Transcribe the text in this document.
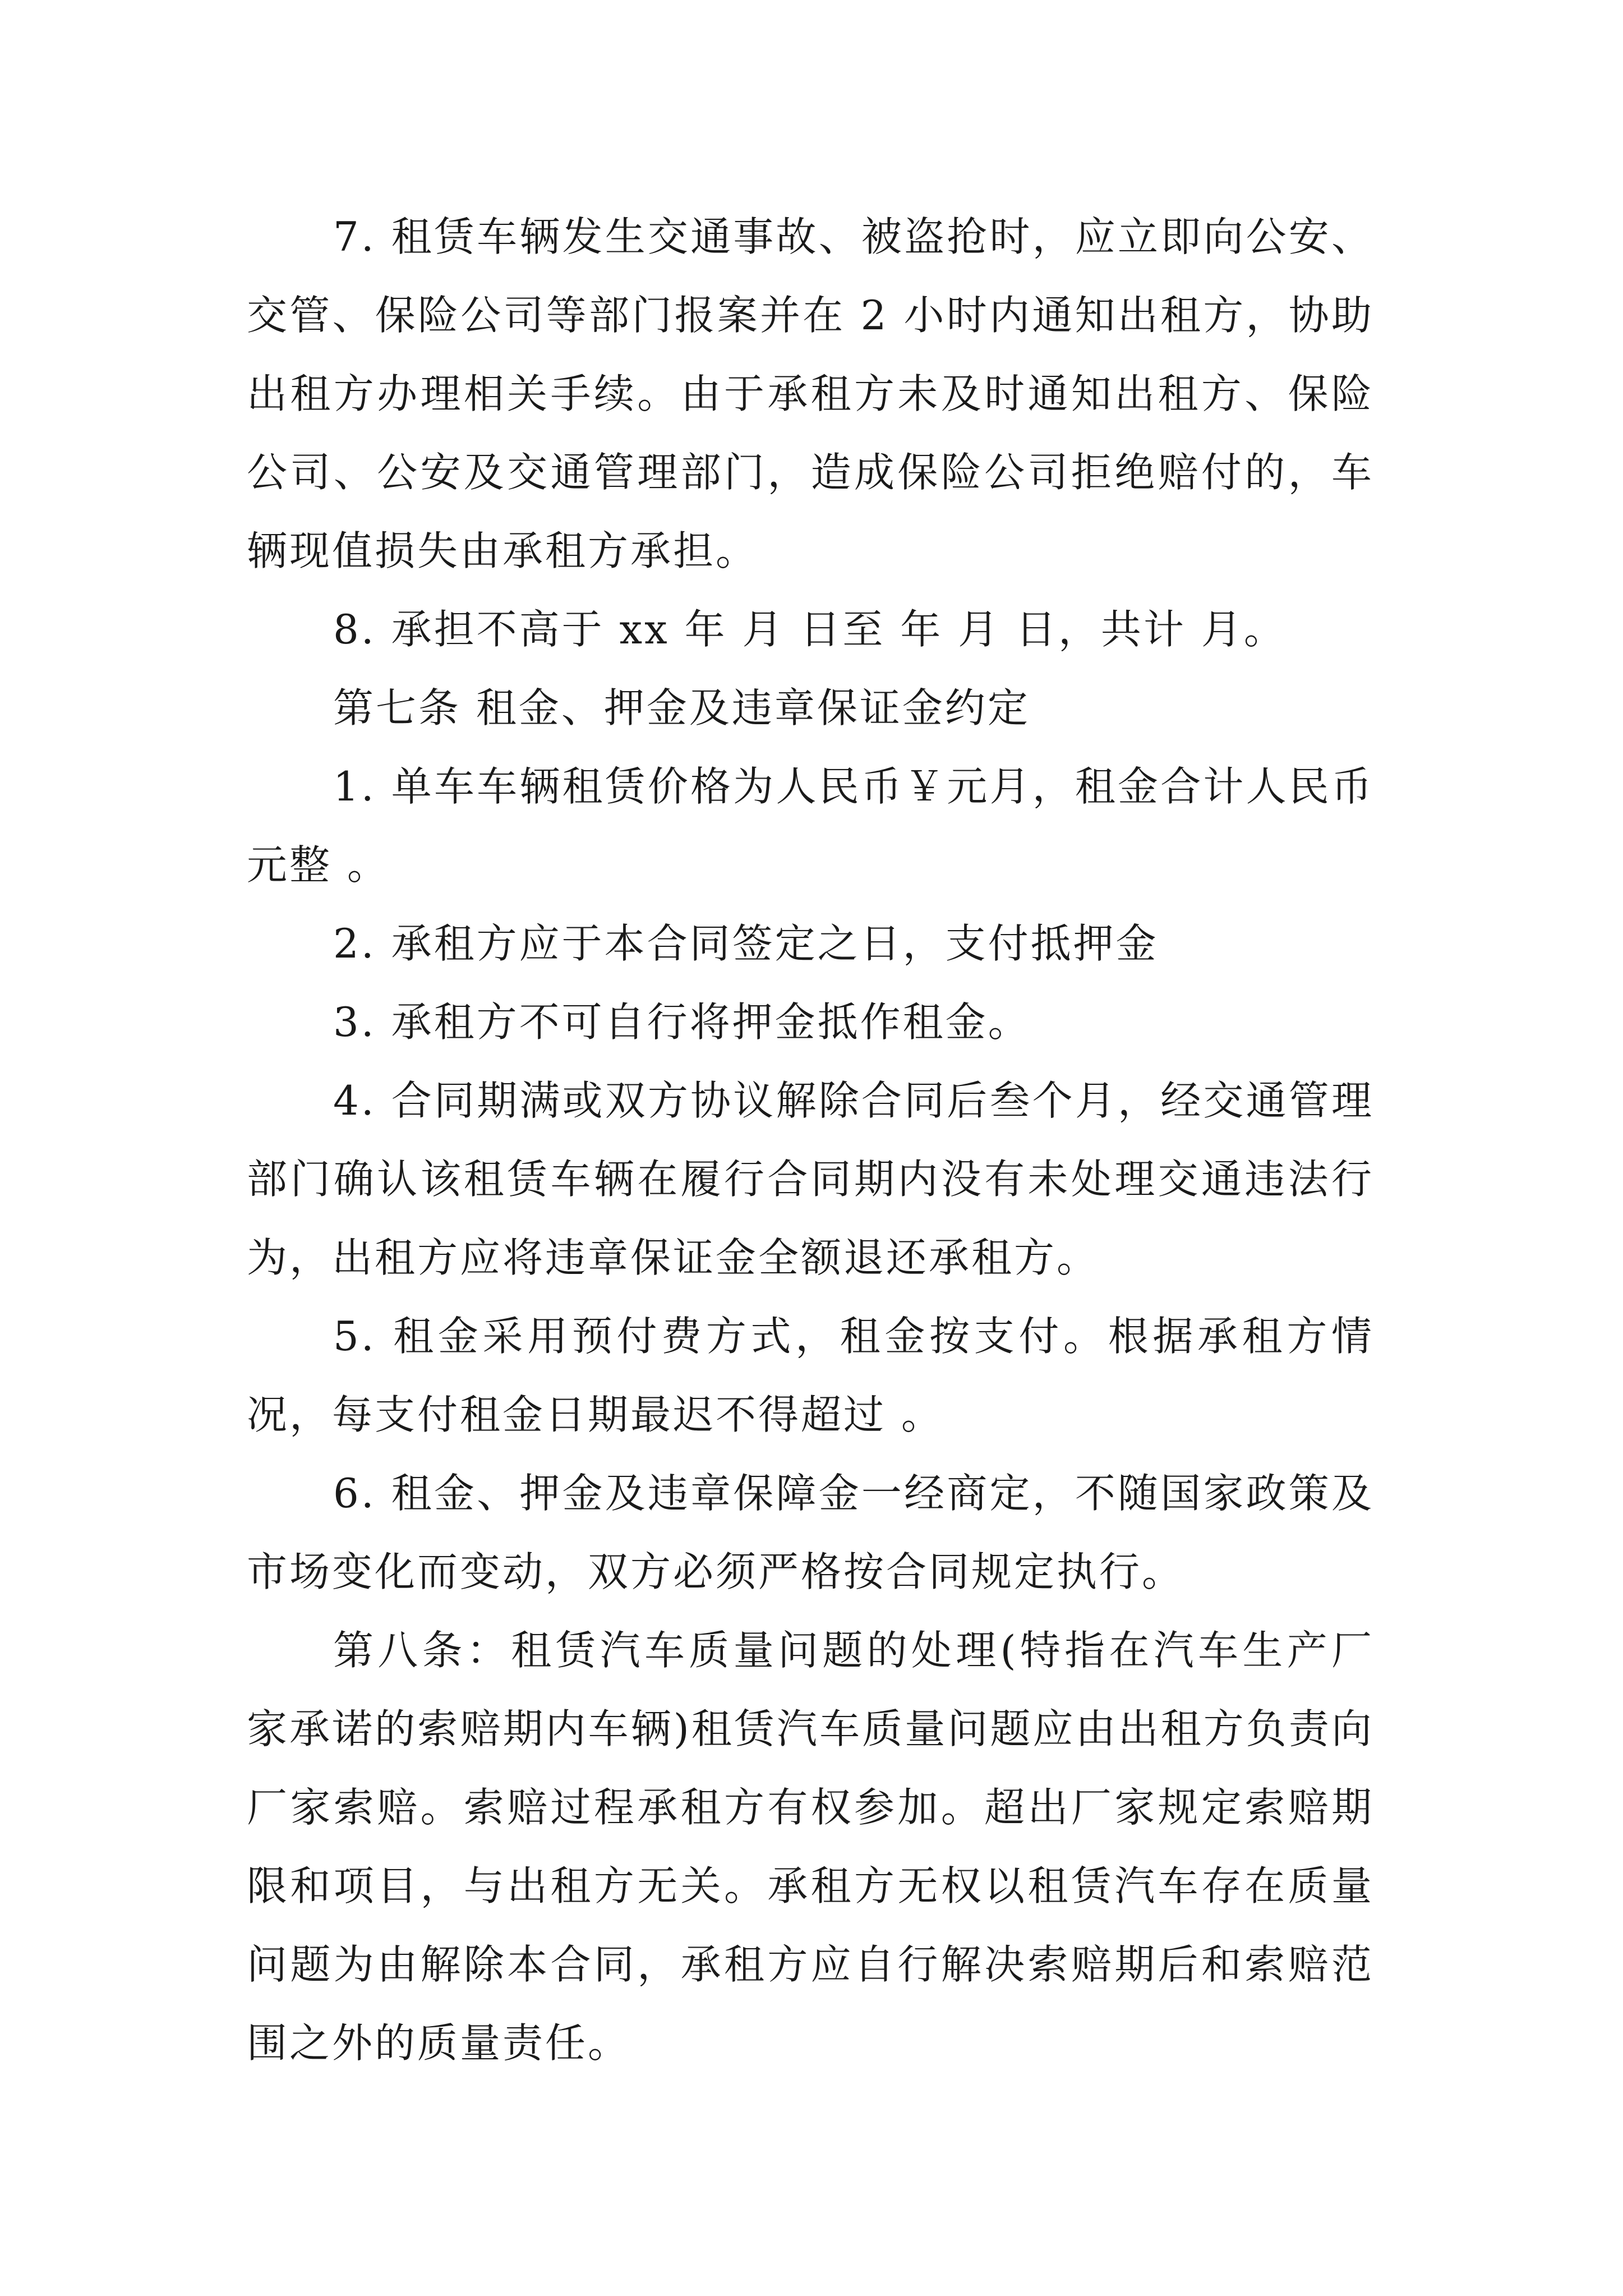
7. 租赁车辆发生交通事故、被盗抢时，应立即向公安、交管、保险公司等部门报案并在 2 小时内通知出租方，协助出租方办理相关手续。由于承租方未及时通知出租方、保险公司、公安及交通管理部门，造成保险公司拒绝赔付的，车辆现值损失由承租方承担。

8. 承担不高于 xx 年 月 日至 年 月 日，共计 月。

第七条 租金、押金及违章保证金约定

1. 单车车辆租赁价格为人民币￥元月，租金合计人民币元整 。

2. 承租方应于本合同签定之日，支付抵押金

3. 承租方不可自行将押金抵作租金。

4. 合同期满或双方协议解除合同后叁个月，经交通管理部门确认该租赁车辆在履行合同期内没有未处理交通违法行为，出租方应将违章保证金全额退还承租方。

5. 租金采用预付费方式，租金按支付。根据承租方情况，每支付租金日期最迟不得超过 。

6. 租金、押金及违章保障金一经商定，不随国家政策及市场变化而变动，双方必须严格按合同规定执行。

第八条：租赁汽车质量问题的处理(特指在汽车生产厂家承诺的索赔期内车辆)租赁汽车质量问题应由出租方负责向厂家索赔。索赔过程承租方有权参加。超出厂家规定索赔期限和项目，与出租方无关。承租方无权以租赁汽车存在质量问题为由解除本合同，承租方应自行解决索赔期后和索赔范围之外的质量责任。
